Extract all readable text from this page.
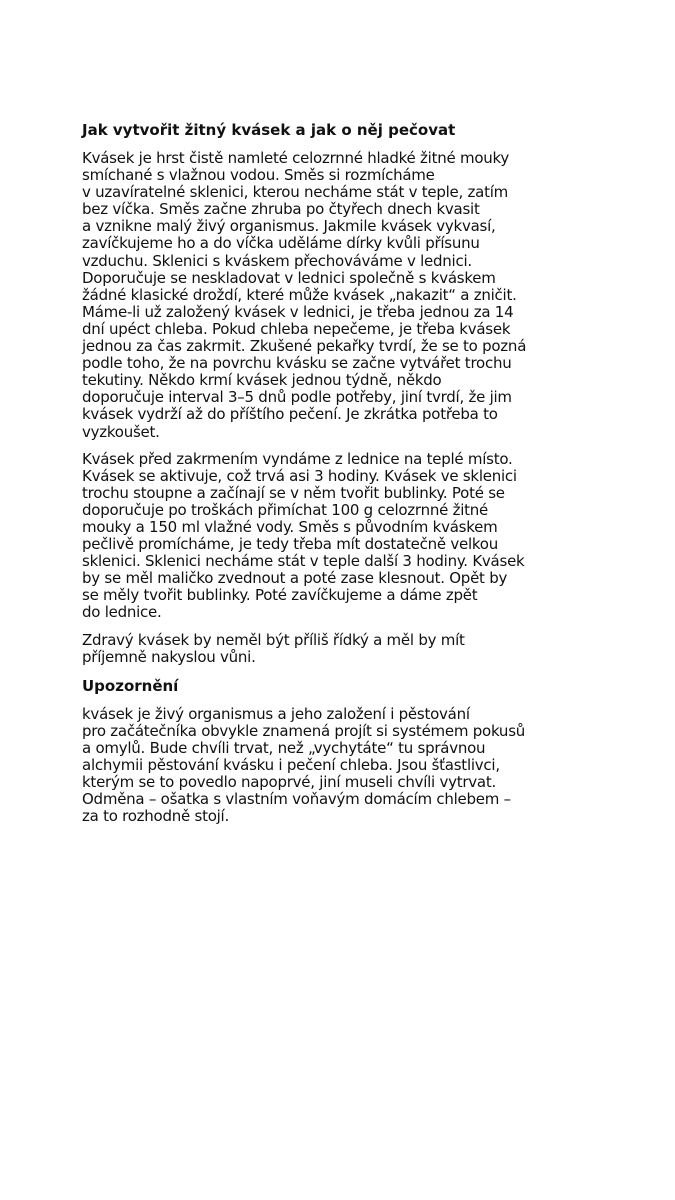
Jak vytvořit žitný kvásek a jak o něj pečovat
Kvásek je hrst čistě namleté celozrnné hladké žitné mouky
smíchané s vlažnou vodou. Směs si rozmícháme
v uzavíratelné sklenici, kterou necháme stát v teple, zatím
bez víčka. Směs začne zhruba po čtyřech dnech kvasit
a vznikne malý živý organismus. Jakmile kvásek vykvasí,
zavíčkujeme ho a do víčka uděláme dírky kvůli přísunu
vzduchu. Sklenici s kváskem přechováváme v lednici.
Doporučuje se neskladovat v lednici společně s kváskem
žádné klasické droždí, které může kvásek „nakazit“ a zničit.
Máme-li už založený kvásek v lednici, je třeba jednou za 14
dní upéct chleba. Pokud chleba nepečeme, je třeba kvásek
jednou za čas zakrmit. Zkušené pekařky tvrdí, že se to pozná
podle toho, že na povrchu kvásku se začne vytvářet trochu
tekutiny. Někdo krmí kvásek jednou týdně, někdo
doporučuje interval 3–5 dnů podle potřeby, jiní tvrdí, že jim
kvásek vydrží až do příštího pečení. Je zkrátka potřeba to
vyzkoušet.
Kvásek před zakrmením vyndáme z lednice na teplé místo.
Kvásek se aktivuje, což trvá asi 3 hodiny. Kvásek ve sklenici
trochu stoupne a začínají se v něm tvořit bublinky. Poté se
doporučuje po troškách přimíchat 100 g celozrnné žitné
mouky a 150 ml vlažné vody. Směs s původním kváskem
pečlivě promícháme, je tedy třeba mít dostatečně velkou
sklenici. Sklenici necháme stát v teple další 3 hodiny. Kvásek
by se měl maličko zvednout a poté zase klesnout. Opět by
se měly tvořit bublinky. Poté zavíčkujeme a dáme zpět
do lednice.
Zdravý kvásek by neměl být příliš řídký a měl by mít
příjemně nakyslou vůni.
Upozornění
kvásek je živý organismus a jeho založení i pěstování
pro začátečníka obvykle znamená projít si systémem pokusů
a omylů. Bude chvíli trvat, než „vychytáte“ tu správnou
alchymii pěstování kvásku i pečení chleba. Jsou šťastlivci,
kterým se to povedlo napoprvé, jiní museli chvíli vytrvat.
Odměna – ošatka s vlastním voňavým domácím chlebem –
za to rozhodně stojí.
